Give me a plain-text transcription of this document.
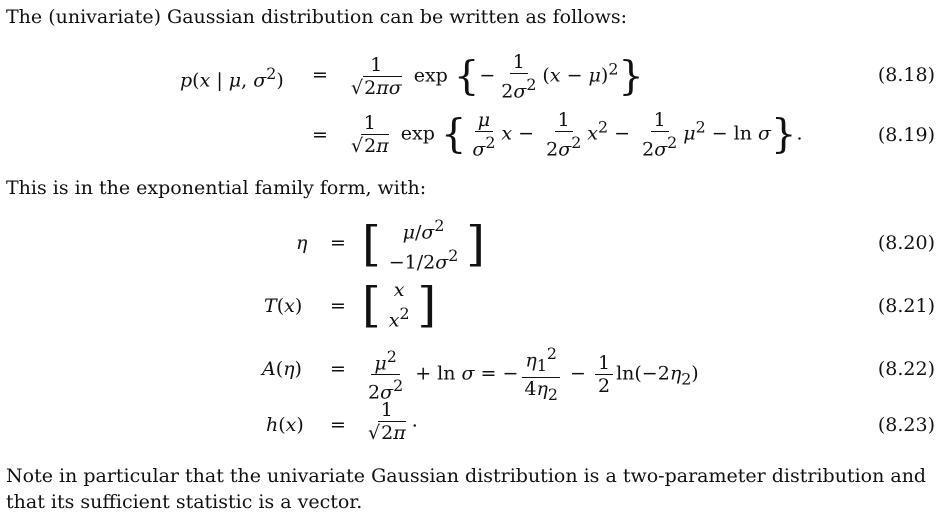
The (univariate) Gaussian distribution can be written as follows:
p(x | μ, $\sigma^2) = \frac{1}{√2\pi\sigma}$ exp {− $\frac{1}{2\sigma^2} (x - \mu)^2$}	(8.18)
= $\frac{1}{√2\pi}$ exp { $\frac{\mu}{\sigma^2}$ $x - \frac{1}{2\sigma^2} x^2 - \frac{1}{2\sigma^2} \mu^2 - \ln \sigma$}.	(8.19)
This is in the exponential family form, with:
η = [ $\mu/\sigma^2$
$-1/2\sigma^2$ ]	(8.20)
T(x) = [ x
$x^2$ ]	(8.21)
$A(\eta) = \frac{\mu^2}{2\sigma^2} + \ln \sigma$ = − $\frac{\eta_1^2}{4\eta_2} - \frac{1}{2} \ln(-2\eta_2)$	(8.22)
$h(x) = \frac{1}{√2\pi}$ .	(8.23)
Note in particular that the univariate Gaussian distribution is a two-parameter distribution and
that its sufficient statistic is a vector.
